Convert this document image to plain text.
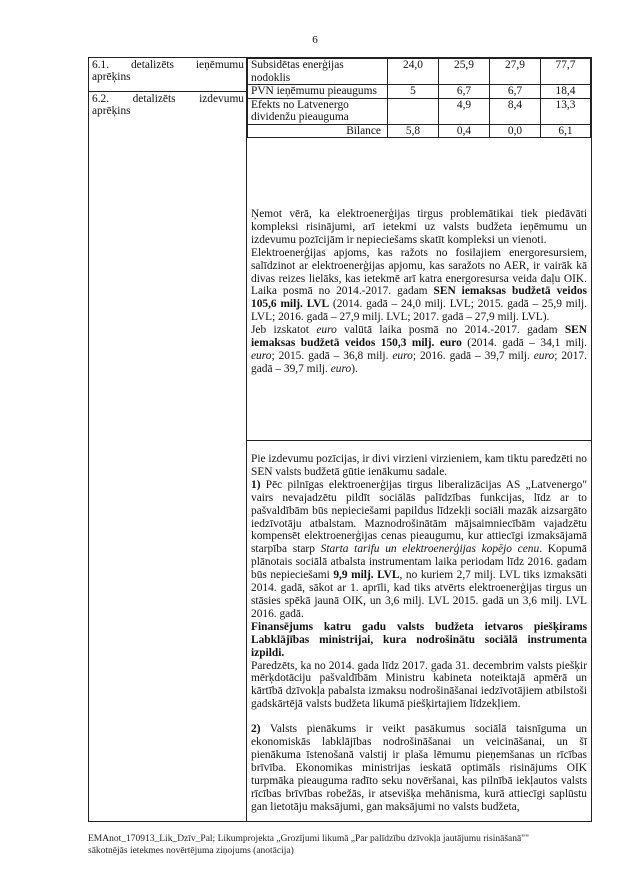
6
6.1. detalizēts ieņēmumu
aprēķins
6.2. detalizēts izdevumu
aprēķins
Subsidētas enerģijas nodoklis	24,0	25,9	27,9	77,7
PVN ieņēmumu pieaugums	5	6,7	6,7	18,4
Efekts no Latvenergo dividenžu pieauguma		4,9	8,4	13,3
Bilance	5,8	0,4	0,0	6,1

Ņemot vērā, ka elektroenerģijas tirgus problemātikai tiek piedāvāti kompleksi risinājumi, arī ietekmi uz valsts budžeta ieņēmumu un izdevumu pozīcijām ir nepieciešams skatīt kompleksi un vienoti.

Elektroenerģijas apjoms, kas ražots no fosilajiem energoresursiem, salīdzinot ar elektroenerģijas apjomu, kas saražots no AER, ir vairāk kā divas reizes lielāks, kas ietekmē arī katra energoresursa veida daļu OIK. Laika posmā no 2014.-2017. gadam SEN iemaksas budžetā veidos 105,6 milj. LVL (2014. gadā – 24,0 milj. LVL; 2015. gadā – 25,9 milj. LVL; 2016. gadā – 27,9 milj. LVL; 2017. gadā – 27,9 milj. LVL).

Jeb izskatot euro valūtā laika posmā no 2014.-2017. gadam SEN iemaksas budžetā veidos 150,3 milj. euro (2014. gadā – 34,1 milj. euro; 2015. gadā – 36,8 milj. euro; 2016. gadā – 39,7 milj. euro; 2017. gadā – 39,7 milj. euro).

Pie izdevumu pozīcijas, ir divi virzieni virzieniem, kam tiktu paredzēti no SEN valsts budžetā gūtie ienākumu sadale.

1) Pēc pilnīgas elektroenerģijas tirgus liberalizācijas AS „Latvenergo" vairs nevajadzētu pildīt sociālās palīdzības funkcijas, līdz ar to pašvaldībām būs nepieciešami papildus līdzekļi sociāli mazāk aizsargāto iedzīvotāju atbalstam. Maznodrošinātām mājsaimniecībām vajadzētu kompensēt elektroenerģijas cenas pieaugumu, kur attiecīgi izmaksājamā starpība starp Starta tarifu un elektroenerģijas kopējo cenu. Kopumā plānotais sociālā atbalsta instrumentam laika periodam līdz 2016. gadam būs nepieciešami 9,9 milj. LVL, no kuriem 2,7 milj. LVL tiks izmaksāti 2014. gadā, sākot ar 1. aprīli, kad tiks atvērts elektroenerģijas tirgus un stāsies spēkā jaunā OIK, un 3,6 milj. LVL 2015. gadā un 3,6 milj. LVL 2016. gadā.

Finansējums katru gadu valsts budžeta ietvaros piešķirams Labklājības ministrijai, kura nodrošinātu sociālā instrumenta izpildi.

Paredzēts, ka no 2014. gada līdz 2017. gada 31. decembrim valsts piešķir mērķdotāciju pašvaldībām Ministru kabineta noteiktajā apmērā un kārtībā dzīvokļa pabalsta izmaksu nodrošināšanai iedzīvotājiem atbilstoši gadskārtējā valsts budžeta likumā piešķirtajiem līdzekļiem.

2) Valsts pienākums ir veikt pasākumus sociālā taisnīguma un ekonomiskās labklājības nodrošināšanai un veicināšanai, un šī pienākuma īstenošanā valstij ir plaša lēmumu pieņemšanas un rīcības brīvība. Ekonomikas ministrijas ieskatā optimāls risinājums OIK turpmāka pieauguma radīto seku novēršanai, kas pilnībā iekļautos valsts rīcības brīvības robežās, ir atsevišķa mehānisma, kurā attiecīgi saplūstu gan lietotāju maksājumi, gan maksājumi no valsts budžeta,

EMAnot_170913_Lik_Dzīv_Pal; Likumprojekta „Grozījumi likumā „Par palīdzību dzīvokļa jautājumu risināšanā""
sākotnējās ietekmes novērtējuma ziņojums (anotācija)
